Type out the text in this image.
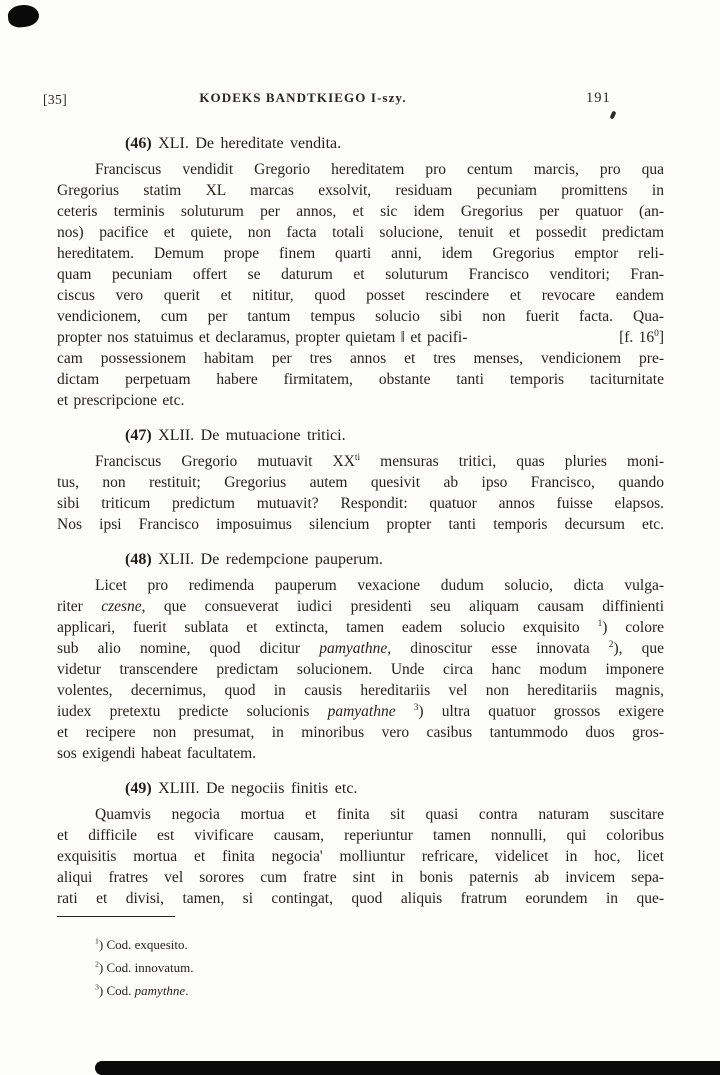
[35]	KODEKS BANDTKIEGO I-szy.	191
(46) XLI. De hereditate vendita.
Franciscus vendidit Gregorio hereditatem pro centum marcis, pro qua
Gregorius statim XL marcas exsolvit, residuam pecuniam promittens in
ceteris terminis soluturum per annos, et sic idem Gregorius per quatuor (an-
nos) pacifice et quiete, non facta totali solucione, tenuit et possedit predictam
hereditatem. Demum prope finem quarti anni, idem Gregorius emptor reli-
quam pecuniam offert se daturum et soluturum Francisco venditori; Fran-
ciscus vero querit et nititur, quod posset rescindere et revocare eandem
vendicionem, cum per tantum tempus solucio sibi non fuerit facta. Qua-
propter nos statuimus et declaramus, propter quietam ‖ et pacifi-	[f. $16^0$]
cam possessionem habitam per tres annos et tres menses, vendicionem pre-
dictam perpetuam habere firmitatem, obstante tanti temporis taciturnitate
et prescripcione etc.
(47) XLII. De mutuacione tritici.
Franciscus Gregorio mutuavit $XX^{ti}$ mensuras tritici, quas pluries moni-
tus, non restituit; Gregorius autem quesivit ab ipso Francisco, quando
sibi triticum predictum mutuavit? Respondit: quatuor annos fuisse elapsos.
Nos ipsi Francisco imposuimus silencium propter tanti temporis decursum etc.
(48) XLII. De redempcione pauperum.
Licet pro redimenda pauperum vexacione dudum solucio, dicta vulga-
riter czesne, que consueverat iudici presidenti seu aliquam causam diffinienti
applicari, fuerit sublata et extincta, tamen eadem solucio exquisito $^1$) colore
sub alio nomine, quod dicitur pamyathne, dinoscitur esse innovata $^2$), que
videtur transcendere predictam solucionem. Unde circa hanc modum imponere
volentes, decernimus, quod in causis hereditariis vel non hereditariis magnis,
iudex pretextu predicte solucionis pamyathne $^3$) ultra quatuor grossos exigere
et recipere non presumat, in minoribus vero casibus tantummodo duos gros-
sos exigendi habeat facultatem.
(49) XLIII. De negociis finitis etc.
Quamvis negocia mortua et finita sit quasi contra naturam suscitare
et difficile est vivificare causam, reperiuntur tamen nonnulli, qui coloribus
exquisitis mortua et finita negocia' molliuntur refricare, videlicet in hoc, licet
aliqui fratres vel sorores cum fratre sint in bonis paternis ab invicem sepa-
rati et divisi, tamen, si contingat, quod aliquis fratrum eorundem in que-
$^1$) Cod. exquesito.
$^2$) Cod. innovatum.
$^3$) Cod. pamythne.
